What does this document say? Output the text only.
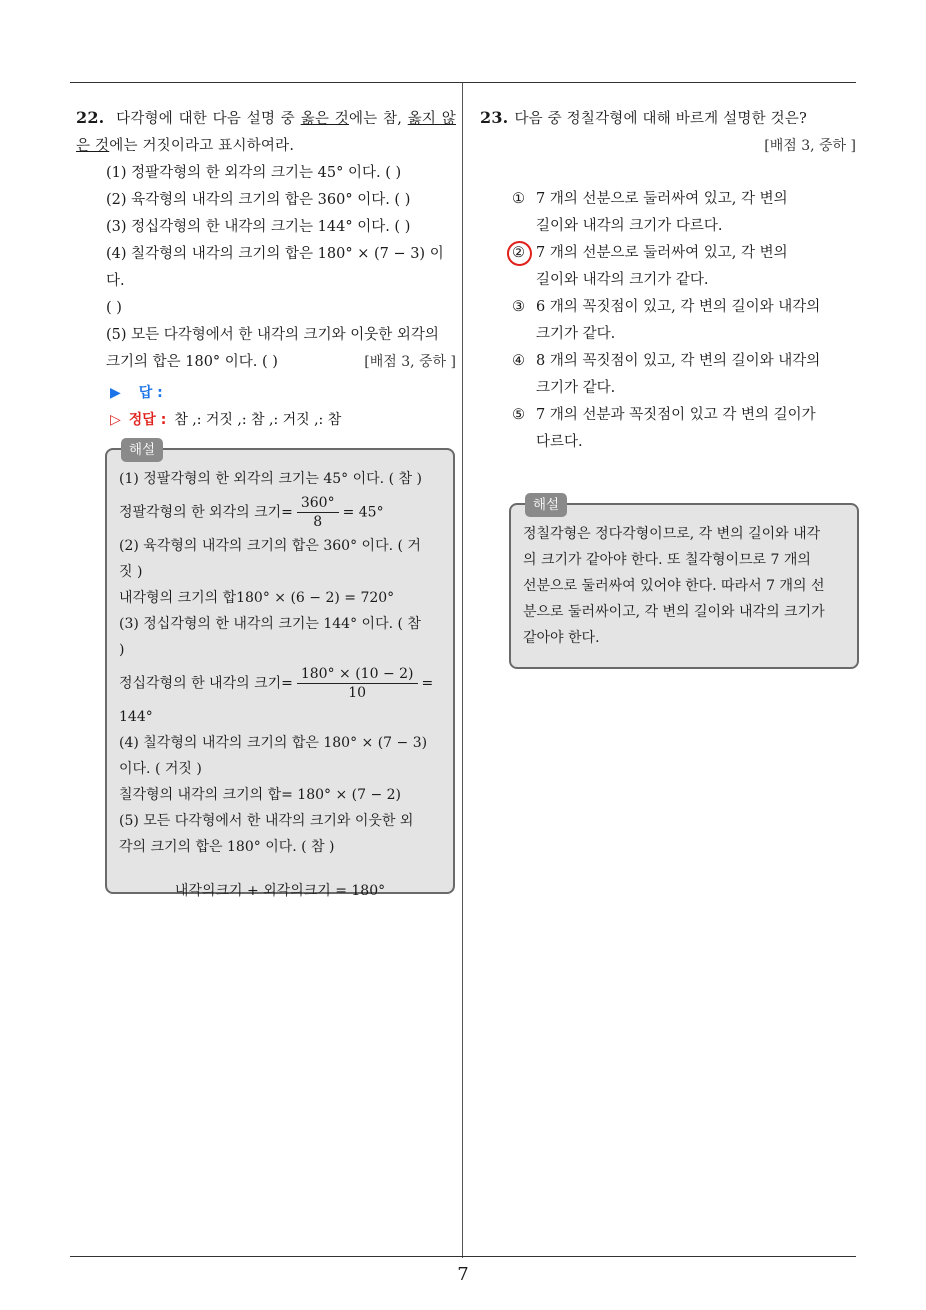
7
22. 다각형에 대한 다음 설명 중 옳은 것에는 참, 옳지 않은 것에는 거짓이라고 표시하여라.
(1) 정팔각형의 한 외각의 크기는 45° 이다. ( )
(2) 육각형의 내각의 크기의 합은 360° 이다. ( )
(3) 정십각형의 한 내각의 크기는 144° 이다. ( )
(4) 칠각형의 내각의 크기의 합은 180° × (7 − 3) 이다.
( )
(5) 모든 다각형에서 한 내각의 크기와 이웃한 외각의
크기의 합은 180° 이다. ( )	[배점 3, 중하 ]
▶ 답 :
▷ 정답 : 참 ,: 거짓 ,: 참 ,: 거짓 ,: 참
해설
(1) 정팔각형의 한 외각의 크기는 45° 이다. ( 참 )
정팔각형의 한 외각의 크기= $\frac{360^\circ}{8} = 45^\circ$
(2) 육각형의 내각의 크기의 합은 360° 이다. ( 거
짓 )
내각형의 크기의 합180° × (6 − 2) = 720°
(3) 정십각형의 한 내각의 크기는 144° 이다. ( 참
)
정십각형의 한 내각의 크기= $\frac{180^\circ \times (10 - 2)}{10}$ =
144°
(4) 칠각형의 내각의 크기의 합은 180° × (7 − 3)
이다. ( 거짓 )
칠각형의 내각의 크기의 합= 180° × (7 − 2)
(5) 모든 다각형에서 한 내각의 크기와 이웃한 외
각의 크기의 합은 180° 이다. ( 참 )
내각의크기 + 외각의크기 = 180°
23. 다음 중 정칠각형에 대해 바르게 설명한 것은?
[배점 3, 중하 ]
① 7 개의 선분으로 둘러싸여 있고, 각 변의
길이와 내각의 크기가 다르다.
② 7 개의 선분으로 둘러싸여 있고, 각 변의
길이와 내각의 크기가 같다.
③ 6 개의 꼭짓점이 있고, 각 변의 길이와 내각의
크기가 같다.
④ 8 개의 꼭짓점이 있고, 각 변의 길이와 내각의
크기가 같다.
⑤ 7 개의 선분과 꼭짓점이 있고 각 변의 길이가
다르다.
해설
정칠각형은 정다각형이므로, 각 변의 길이와 내각
의 크기가 같아야 한다. 또 칠각형이므로 7 개의
선분으로 둘러싸여 있어야 한다. 따라서 7 개의 선
분으로 둘러싸이고, 각 변의 길이와 내각의 크기가
같아야 한다.
